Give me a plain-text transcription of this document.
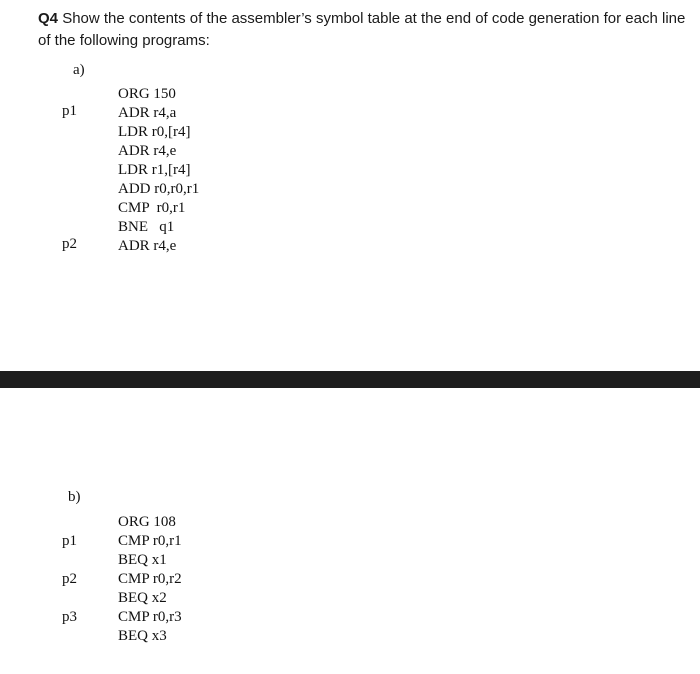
Q4 Show the contents of the assembler’s symbol table at the end of code generation for each line of the following programs:
a)
p1
p2
ORG 150
ADR r4,a
LDR r0,[r4]
ADR r4,e
LDR r1,[r4]
ADD r0,r0,r1
CMP  r0,r1
BNE   q1
ADR r4,e
b)
p1
p2
p3
ORG 108
CMP r0,r1
BEQ x1
CMP r0,r2
BEQ x2
CMP r0,r3
BEQ x3
